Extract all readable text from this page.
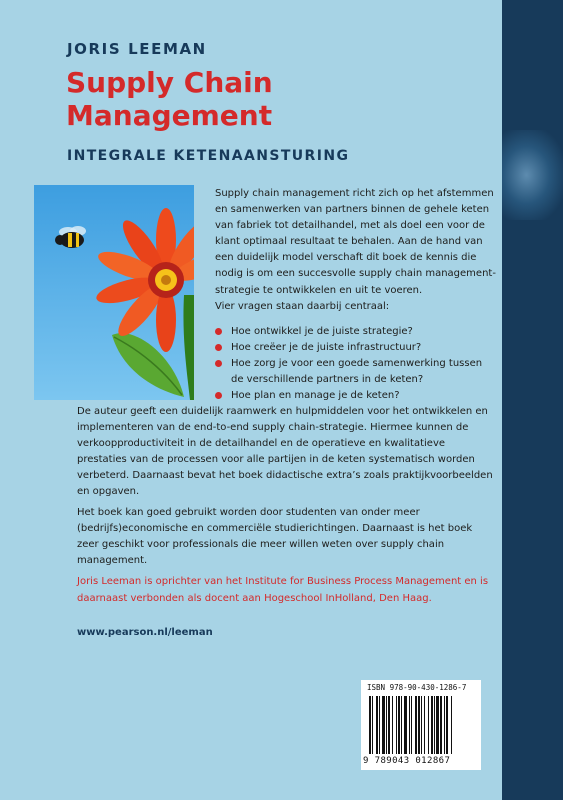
JORIS LEEMAN
Supply Chain
Management
INTEGRALE KETENAANSTURING

Supply chain management richt zich op het afstemmen en samenwerken van partners binnen de gehele keten van fabriek tot detailhandel, met als doel een voor de klant optimaal resultaat te behalen. Aan de hand van een duidelijk model verschaft dit boek de kennis die nodig is om een succesvolle supply chain management-strategie te ontwikkelen en uit te voeren.

Vier vragen staan daarbij centraal:

Hoe ontwikkel je de juiste strategie?
Hoe creëer je de juiste infrastructuur?
Hoe zorg je voor een goede samenwerking tussen de verschillende partners in de keten?
Hoe plan en manage je de keten?

De auteur geeft een duidelijk raamwerk en hulpmiddelen voor het ontwikkelen en implementeren van de end-to-end supply chain-strategie. Hiermee kunnen de verkoopproductiviteit in de detailhandel en de operatieve en kwalitatieve prestaties van de processen voor alle partijen in de keten systematisch worden verbeterd. Daarnaast bevat het boek didactische extra’s zoals praktijkvoorbeelden en opgaven.

Het boek kan goed gebruikt worden door studenten van onder meer (bedrijfs)economische en commerciële studierichtingen. Daarnaast is het boek zeer geschikt voor professionals die meer willen weten over supply chain management.

Joris Leeman is oprichter van het Institute for Business Process Management en is daarnaast verbonden als docent aan Hogeschool InHolland, Den Haag.

www.pearson.nl/leeman
ISBN 978-90-430-1286-7
9 789043 012867
